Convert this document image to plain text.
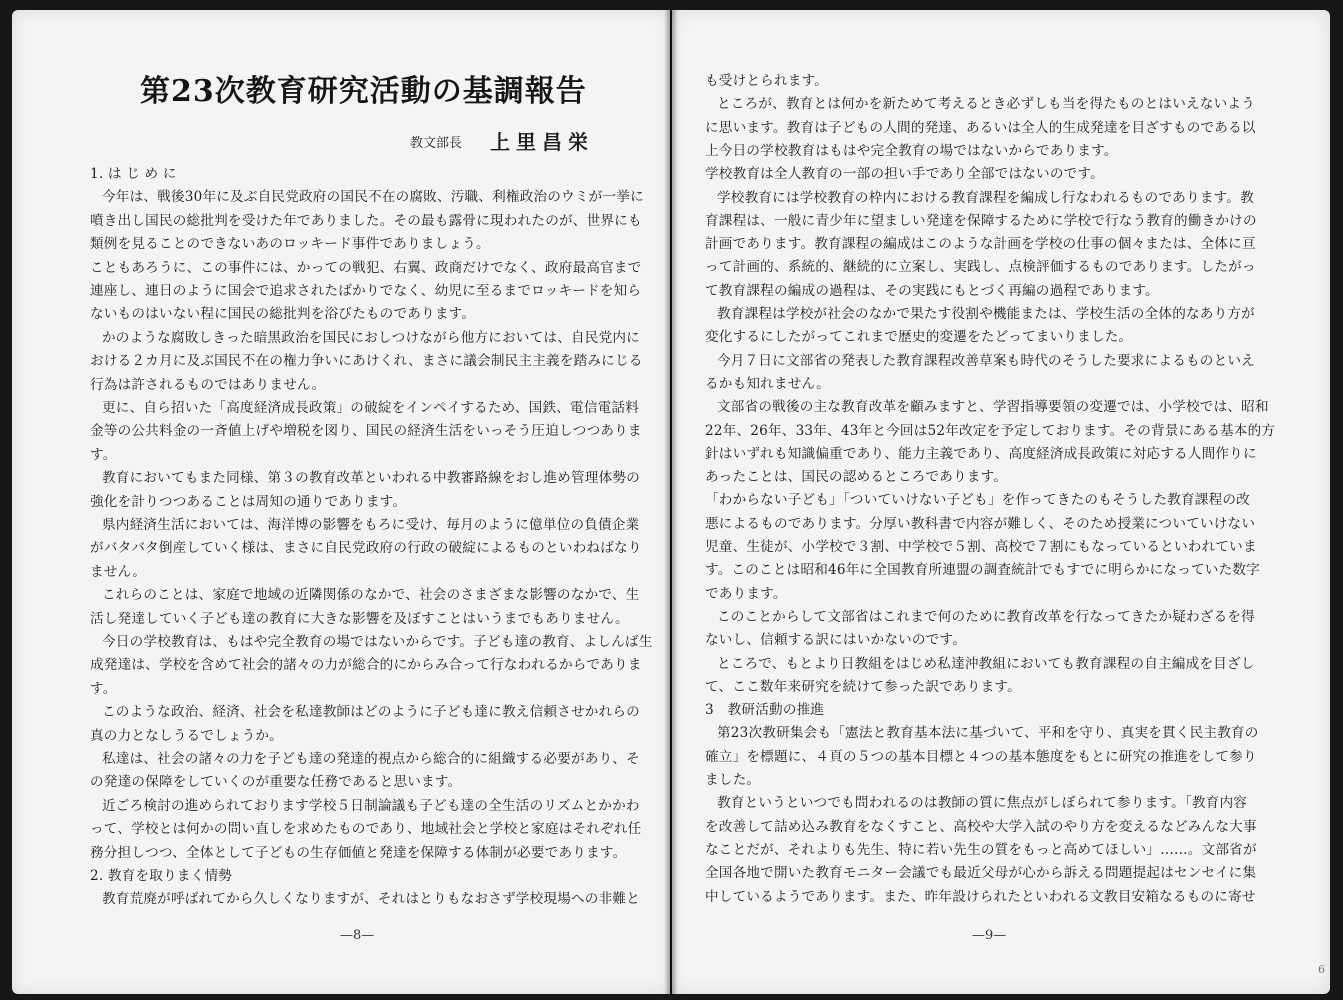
第23次教育研究活動の基調報告
教文部長 上里昌栄
1. は じ め に
今年は、戦後30年に及ぶ自民党政府の国民不在の腐敗、汚職、利権政治のウミが一挙に
噴き出し国民の総批判を受けた年でありました。その最も露骨に現われたのが、世界にも
類例を見ることのできないあのロッキード事件でありましょう。
こともあろうに、この事件には、かっての戦犯、右翼、政商だけでなく、政府最高官まで
連座し、連日のように国会で追求されたばかりでなく、幼児に至るまでロッキードを知ら
ないものはいない程に国民の総批判を浴びたものであります。
かのような腐敗しきった暗黒政治を国民におしつけながら他方においては、自民党内に
おける２カ月に及ぶ国民不在の権力争いにあけくれ、まさに議会制民主主義を踏みにじる
行為は許されるものではありません。
更に、自ら招いた「高度経済成長政策」の破綻をインペイするため、国鉄、電信電話料
金等の公共料金の一斉値上げや増税を図り、国民の経済生活をいっそう圧迫しつつありま
す。
教育においてもまた同様、第３の教育改革といわれる中教審路線をおし進め管理体勢の
強化を計りつつあることは周知の通りであります。
県内経済生活においては、海洋博の影響をもろに受け、毎月のように億単位の負債企業
がバタバタ倒産していく様は、まさに自民党政府の行政の破綻によるものといわねばなり
ません。
これらのことは、家庭で地域の近隣関係のなかで、社会のさまざまな影響のなかで、生
活し発達していく子ども達の教育に大きな影響を及ぼすことはいうまでもありません。
今日の学校教育は、もはや完全教育の場ではないからです。子ども達の教育、よしんば生
成発達は、学校を含めて社会的諸々の力が総合的にからみ合って行なわれるからでありま
す。
このような政治、経済、社会を私達教師はどのように子ども達に教え信頼させかれらの
真の力となしうるでしょうか。
私達は、社会の諸々の力を子ども達の発達的視点から総合的に組織する必要があり、そ
の発達の保障をしていくのが重要な任務であると思います。
近ごろ検討の進められております学校５日制論議も子ども達の全生活のリズムとかかわ
って、学校とは何かの問い直しを求めたものであり、地域社会と学校と家庭はそれぞれ任
務分担しつつ、全体として子どもの生存価値と発達を保障する体制が必要であります。
2. 教育を取りまく情勢
教育荒廃が呼ばれてから久しくなりますが、それはとりもなおさず学校現場への非難と
も受けとられます。
ところが、教育とは何かを新ためて考えるとき必ずしも当を得たものとはいえないよう
に思います。教育は子どもの人間的発達、あるいは全人的生成発達を目ざすものである以
上今日の学校教育はもはや完全教育の場ではないからであります。
学校教育は全人教育の一部の担い手であり全部ではないのです。
学校教育には学校教育の枠内における教育課程を編成し行なわれるものであります。教
育課程は、一般に青少年に望ましい発達を保障するために学校で行なう教育的働きかけの
計画であります。教育課程の編成はこのような計画を学校の仕事の個々または、全体に亘
って計画的、系統的、継続的に立案し、実践し、点検評価するものであります。したがっ
て教育課程の編成の過程は、その実践にもとづく再編の過程であります。
教育課程は学校が社会のなかで果たす役割や機能または、学校生活の全体的なあり方が
変化するにしたがってこれまで歴史的変遷をたどってまいりました。
今月７日に文部省の発表した教育課程改善草案も時代のそうした要求によるものといえ
るかも知れません。
文部省の戦後の主な教育改革を顧みますと、学習指導要領の変遷では、小学校では、昭和
22年、26年、33年、43年と今回は52年改定を予定しております。その背景にある基本的方
針はいずれも知識偏重であり、能力主義であり、高度経済成長政策に対応する人間作りに
あったことは、国民の認めるところであります。
「わからない子ども」「ついていけない子ども」を作ってきたのもそうした教育課程の改
悪によるものであります。分厚い教科書で内容が難しく、そのため授業についていけない
児童、生徒が、小学校で３割、中学校で５割、高校で７割にもなっているといわれていま
す。このことは昭和46年に全国教育所連盟の調査統計でもすでに明らかになっていた数字
であります。
このことからして文部省はこれまで何のために教育改革を行なってきたか疑わざるを得
ないし、信頼する訳にはいかないのです。
ところで、もとより日教組をはじめ私達沖教組においても教育課程の自主編成を目ざし
て、ここ数年来研究を続けて参った訳であります。
3　教研活動の推進
第23次教研集会も「憲法と教育基本法に基づいて、平和を守り、真実を貫く民主教育の
確立」を標題に、４頁の５つの基本目標と４つの基本態度をもとに研究の推進をして参り
ました。
教育というといつでも問われるのは教師の質に焦点がしぼられて参ります。「教育内容
を改善して詰め込み教育をなくすこと、高校や大学入試のやり方を変えるなどみんな大事
なことだが、それよりも先生、特に若い先生の質をもっと高めてほしい」……。文部省が
全国各地で開いた教育モニター会議でも最近父母が心から訴える問題提起はセンセイに集
中しているようであります。また、昨年設けられたといわれる文教目安箱なるものに寄せ
—8—	—9—
6
